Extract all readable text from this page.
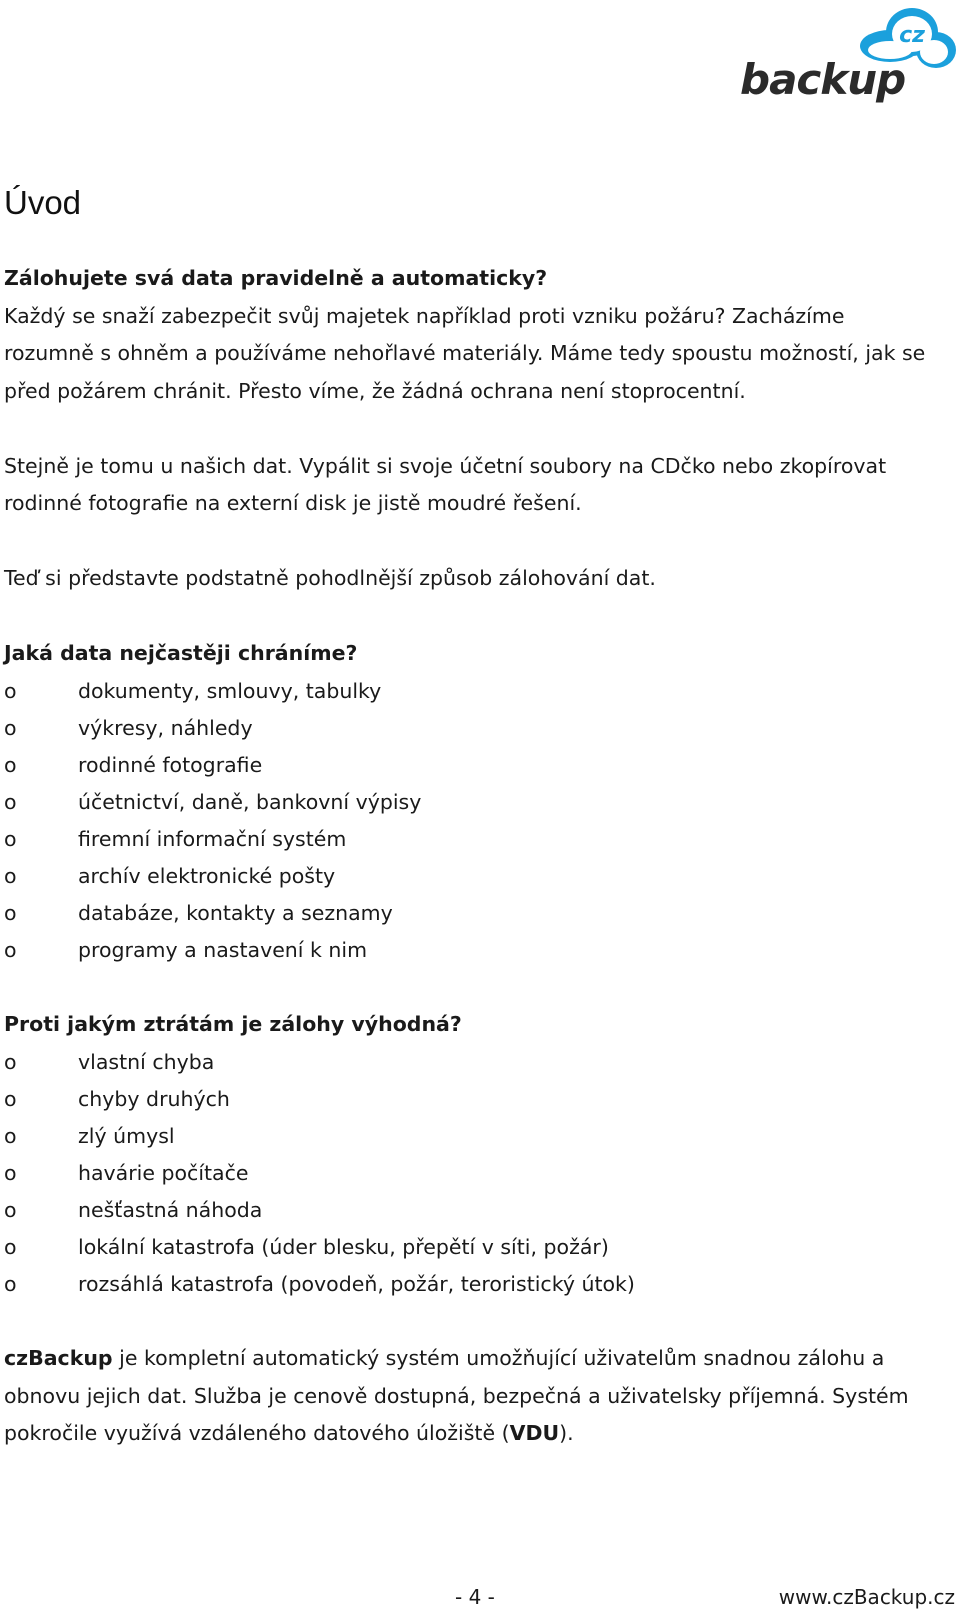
cz
backup
Úvod
Zálohujete svá data pravidelně a automaticky?

Každý se snaží zabezpečit svůj majetek například proti vzniku požáru? Zacházíme

rozumně s ohněm a používáme nehořlavé materiály. Máme tedy spoustu možností, jak se

před požárem chránit. Přesto víme, že žádná ochrana není stoprocentní.

Stejně je tomu u našich dat. Vypálit si svoje účetní soubory na CDčko nebo zkopírovat

rodinné fotografie na externí disk je jistě moudré řešení.

Teď si představte podstatně pohodlnější způsob zálohování dat.

Jaká data nejčastěji chráníme?
o	dokumenty, smlouvy, tabulky
o	výkresy, náhledy
o	rodinné fotografie
o	účetnictví, daně, bankovní výpisy
o	firemní informační systém
o	archív elektronické pošty
o	databáze, kontakty a seznamy
o	programy a nastavení k nim
Proti jakým ztrátám je zálohy výhodná?
o	vlastní chyba
o	chyby druhých
o	zlý úmysl
o	havárie počítače
o	nešťastná náhoda
o	lokální katastrofa (úder blesku, přepětí v síti, požár)
o	rozsáhlá katastrofa (povodeň, požár, teroristický útok)

czBackup je kompletní automatický systém umožňující uživatelům snadnou zálohu a

obnovu jejich dat. Služba je cenově dostupná, bezpečná a uživatelsky příjemná. Systém

pokročile využívá vzdáleného datového úložiště (VDU).

- 4 -	www.czBackup.cz
